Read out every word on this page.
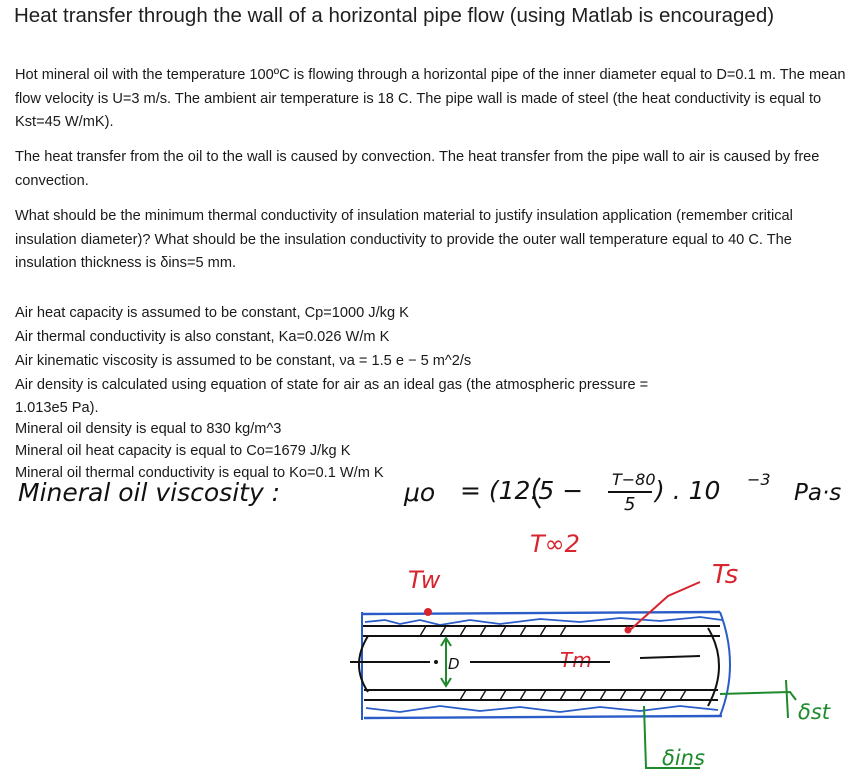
Heat transfer through the wall of a horizontal pipe flow (using Matlab is encouraged)

Hot mineral oil with the temperature 100ºC is flowing through a horizontal pipe of the inner diameter equal to D=0.1 m. The mean flow velocity is U=3 m/s. The ambient air temperature is 18 C. The pipe wall is made of steel (the heat conductivity is equal to Kst=45 W/mK).

The heat transfer from the oil to the wall is caused by convection. The heat transfer from the pipe wall to air is caused by free convection.

What should be the minimum thermal conductivity of insulation material to justify insulation application (remember critical insulation diameter)? What should be the insulation conductivity to provide the outer wall temperature equal to 40 C. The insulation thickness is δins=5 mm.

Air heat capacity is assumed to be constant, Cp=1000 J/kg K
Air thermal conductivity is also constant, Ka=0.026 W/m K
Air kinematic viscosity is assumed to be constant, νa = 1.5 e − 5 m^2/s
Air density is calculated using equation of state for air as an ideal gas (the atmospheric pressure =
1.013e5 Pa).
Mineral oil density is equal to 830 kg/m^3
Mineral oil heat capacity is equal to Co=1679 J/kg K
Mineral oil thermal conductivity is equal to Ko=0.1 W/m K
Mineral oil viscosity :	μo = (12.5 − T−80
5 ) . 10 −3
Pa·s
T∞2
Tw	Ts
Tm
D
δins
δst
